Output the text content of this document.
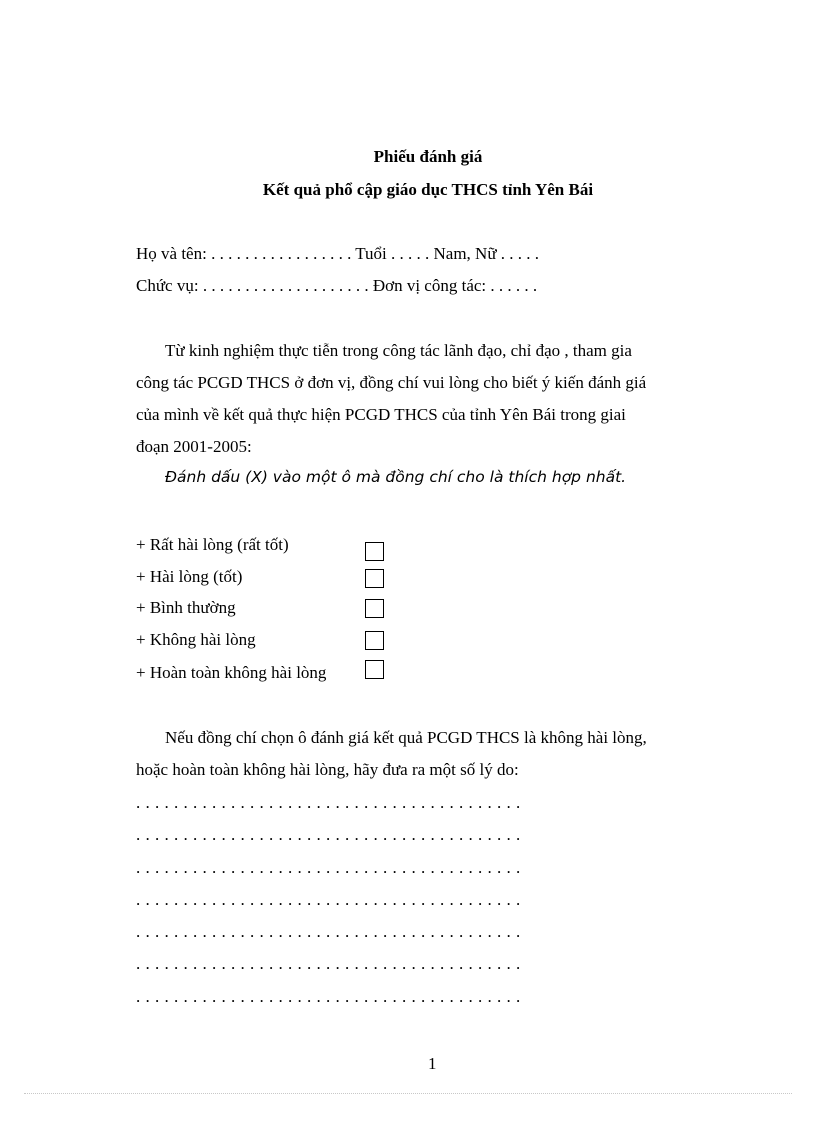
Phiếu đánh giá
Kết quả phổ cập giáo dục THCS tỉnh Yên Bái
Họ và tên: . . . . . . . . . . . . . . . . . Tuổi . . . . . Nam, Nữ . . . . .
Chức vụ: . . . . . . . . . . . . . . . . . . . . Đơn vị công tác: . . . . . .
Từ kinh nghiệm thực tiễn trong công tác lãnh đạo, chỉ đạo , tham gia
công tác PCGD THCS ở đơn vị, đồng chí vui lòng cho biết ý kiến đánh giá
của mình về kết quả thực hiện PCGD THCS của tỉnh Yên Bái trong giai
đoạn 2001-2005:
Đánh dấu (X) vào một ô mà đồng chí cho là thích hợp nhất.
+ Rất hài lòng (rất tốt)
+ Hài lòng (tốt)
+ Bình thường
+ Không hài lòng
+ Hoàn toàn không hài lòng
Nếu đồng chí chọn ô đánh giá kết quả PCGD THCS là không hài lòng,
hoặc hoàn toàn không hài lòng, hãy đưa ra một số lý do:
. . . . . . . . . . . . . . . . . . . . . . . . . . . . . . . . . . . . . . . . .
. . . . . . . . . . . . . . . . . . . . . . . . . . . . . . . . . . . . . . . . .
. . . . . . . . . . . . . . . . . . . . . . . . . . . . . . . . . . . . . . . . .
. . . . . . . . . . . . . . . . . . . . . . . . . . . . . . . . . . . . . . . . .
. . . . . . . . . . . . . . . . . . . . . . . . . . . . . . . . . . . . . . . . .
. . . . . . . . . . . . . . . . . . . . . . . . . . . . . . . . . . . . . . . . .
. . . . . . . . . . . . . . . . . . . . . . . . . . . . . . . . . . . . . . . . .
1
